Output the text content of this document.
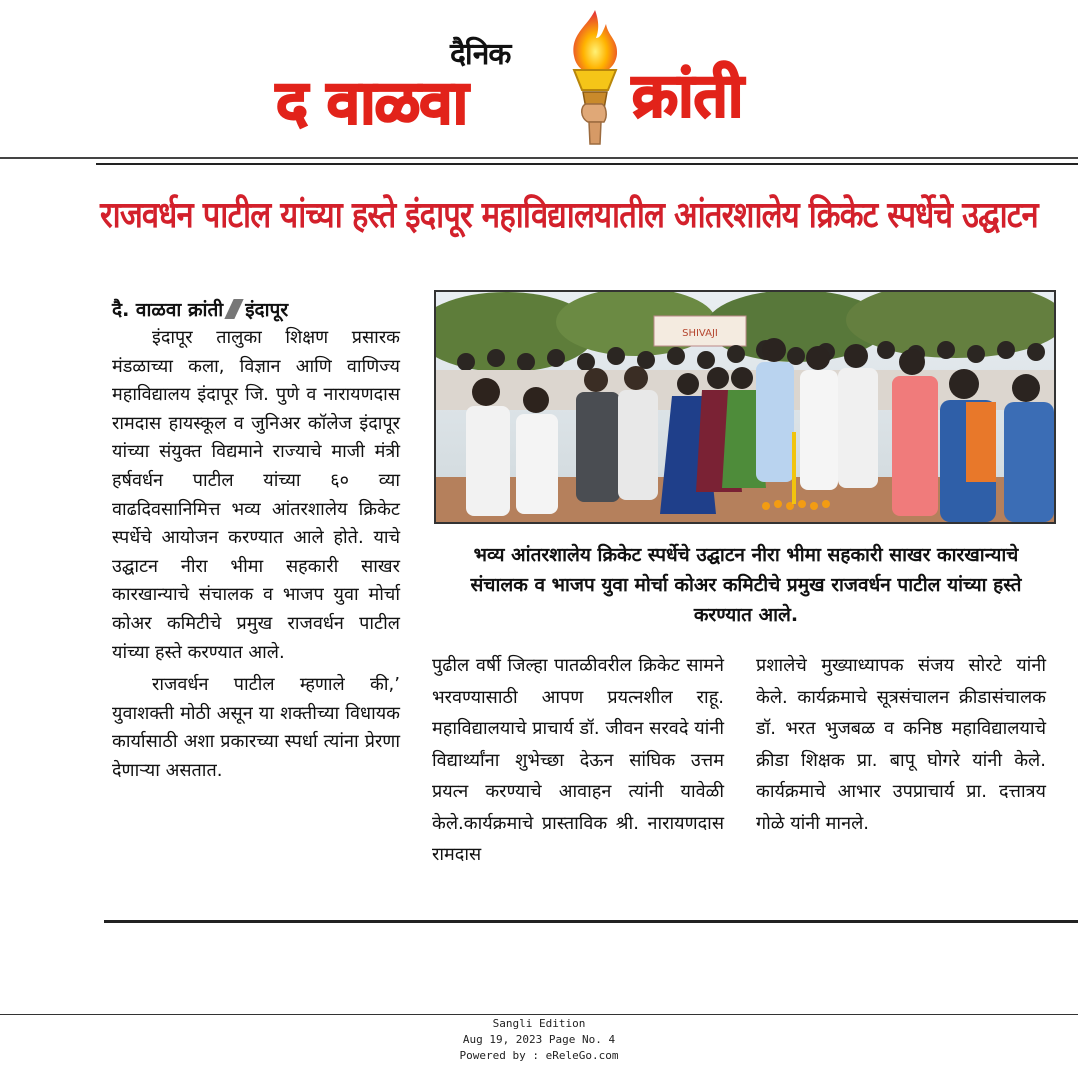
दैनिक
द वाळवा	क्रांती
राजवर्धन पाटील यांच्या हस्ते इंदापूर महाविद्यालयातील आंतरशालेय क्रिकेट स्पर्धेचे उद्घाटन
दै. वाळवा क्रांती इंदापूर

इंदापूर तालुका शिक्षण प्रसारक मंडळाच्या कला, विज्ञान आणि वाणिज्य महाविद्यालय इंदापूर जि. पुणे व नारायणदास रामदास हायस्कूल व जुनिअर कॉलेज इंदापूर यांच्या संयुक्त विद्यमाने राज्याचे माजी मंत्री हर्षवर्धन पाटील यांच्या ६० व्या वाढदिवसानिमित्त भव्य आंतरशालेय क्रिकेट स्पर्धेचे आयोजन करण्यात आले होते. याचे उद्घाटन नीरा भीमा सहकारी साखर कारखान्याचे संचालक व भाजप युवा मोर्चा कोअर कमिटीचे प्रमुख राजवर्धन पाटील यांच्या हस्ते करण्यात आले.

राजवर्धन पाटील म्हणाले की,’ युवाशक्ती मोठी असून या शक्तीच्या विधायक कार्यासाठी अशा प्रकारच्या स्पर्धा त्यांना प्रेरणा देणाऱ्या असतात.

SHIVAJI
भव्य आंतरशालेय क्रिकेट स्पर्धेचे उद्घाटन नीरा भीमा सहकारी साखर कारखान्याचे संचालक व भाजप युवा मोर्चा कोअर कमिटीचे प्रमुख राजवर्धन पाटील यांच्या हस्ते करण्यात आले.
पुढील वर्षी जिल्हा पातळीवरील क्रिकेट सामने भरवण्यासाठी आपण प्रयत्नशील राहू. महाविद्यालयाचे प्राचार्य डॉ. जीवन सरवदे यांनी विद्यार्थ्यांना शुभेच्छा देऊन सांघिक उत्तम प्रयत्न करण्याचे आवाहन त्यांनी यावेळी केले.कार्यक्रमाचे प्रास्ताविक श्री. नारायणदास रामदास
प्रशालेचे मुख्याध्यापक संजय सोरटे यांनी केले. कार्यक्रमाचे सूत्रसंचालन क्रीडासंचालक डॉ. भरत भुजबळ व कनिष्ठ महाविद्यालयाचे क्रीडा शिक्षक प्रा. बापू घोगरे यांनी केले. कार्यक्रमाचे आभार उपप्राचार्य प्रा. दत्तात्रय गोळे यांनी मानले.
Sangli Edition
Aug 19, 2023 Page No. 4
Powered by : eReleGo.com
